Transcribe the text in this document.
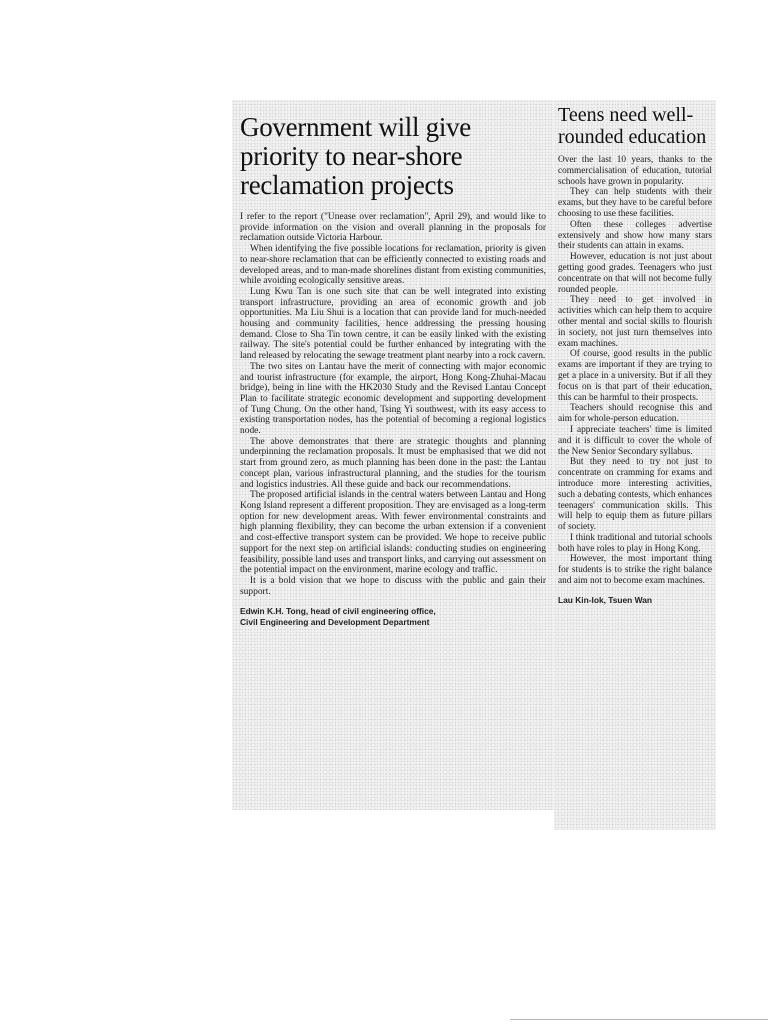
Government will give priority to near-shore reclamation projects

I refer to the report ("Unease over reclamation", April 29), and would like to provide information on the vision and overall planning in the proposals for reclamation outside Victoria Harbour.

When identifying the five possible locations for reclamation, priority is given to near-shore reclamation that can be efficiently connected to existing roads and developed areas, and to man-made shorelines distant from existing communities, while avoiding ecologically sensitive areas.

Lung Kwu Tan is one such site that can be well integrated into existing transport infrastructure, providing an area of economic growth and job opportunities. Ma Liu Shui is a location that can provide land for much-needed housing and community facilities, hence addressing the pressing housing demand. Close to Sha Tin town centre, it can be easily linked with the existing railway. The site's potential could be further enhanced by integrating with the land released by relocating the sewage treatment plant nearby into a rock cavern.

The two sites on Lantau have the merit of connecting with major economic and tourist infrastructure (for example, the airport, Hong Kong-Zhuhai-Macau bridge), being in line with the HK2030 Study and the Revised Lantau Concept Plan to facilitate strategic economic development and supporting development of Tung Chung. On the other hand, Tsing Yi southwest, with its easy access to existing transportation nodes, has the potential of becoming a regional logistics node.

The above demonstrates that there are strategic thoughts and planning underpinning the reclamation proposals. It must be emphasised that we did not start from ground zero, as much planning has been done in the past: the Lantau concept plan, various infrastructural planning, and the studies for the tourism and logistics industries. All these guide and back our recommendations.

The proposed artificial islands in the central waters between Lantau and Hong Kong Island represent a different proposition. They are envisaged as a long-term option for new development areas. With fewer environmental constraints and high planning flexibility, they can become the urban extension if a convenient and cost-effective transport system can be provided. We hope to receive public support for the next step on artificial islands: conducting studies on engineering feasibility, possible land uses and transport links, and carrying out assessment on the potential impact on the environment, marine ecology and traffic.

It is a bold vision that we hope to discuss with the public and gain their support.

Edwin K.H. Tong, head of civil engineering office,
Civil Engineering and Development Department
Teens need well-rounded education

Over the last 10 years, thanks to the commercialisation of education, tutorial schools have grown in popularity.

They can help students with their exams, but they have to be careful before choosing to use these facilities.

Often these colleges advertise extensively and show how many stars their students can attain in exams.

However, education is not just about getting good grades. Teenagers who just concentrate on that will not become fully rounded people.

They need to get involved in activities which can help them to acquire other mental and social skills to flourish in society, not just turn themselves into exam machines.

Of course, good results in the public exams are important if they are trying to get a place in a university. But if all they focus on is that part of their education, this can be harmful to their prospects.

Teachers should recognise this and aim for whole-person education.

I appreciate teachers' time is limited and it is difficult to cover the whole of the New Senior Secondary syllabus.

But they need to try not just to concentrate on cramming for exams and introduce more interesting activities, such a debating contests, which enhances teenagers' communication skills. This will help to equip them as future pillars of society.

I think traditional and tutorial schools both have roles to play in Hong Kong.

However, the most important thing for students is to strike the right balance and aim not to become exam machines.

Lau Kin-lok, Tsuen Wan
